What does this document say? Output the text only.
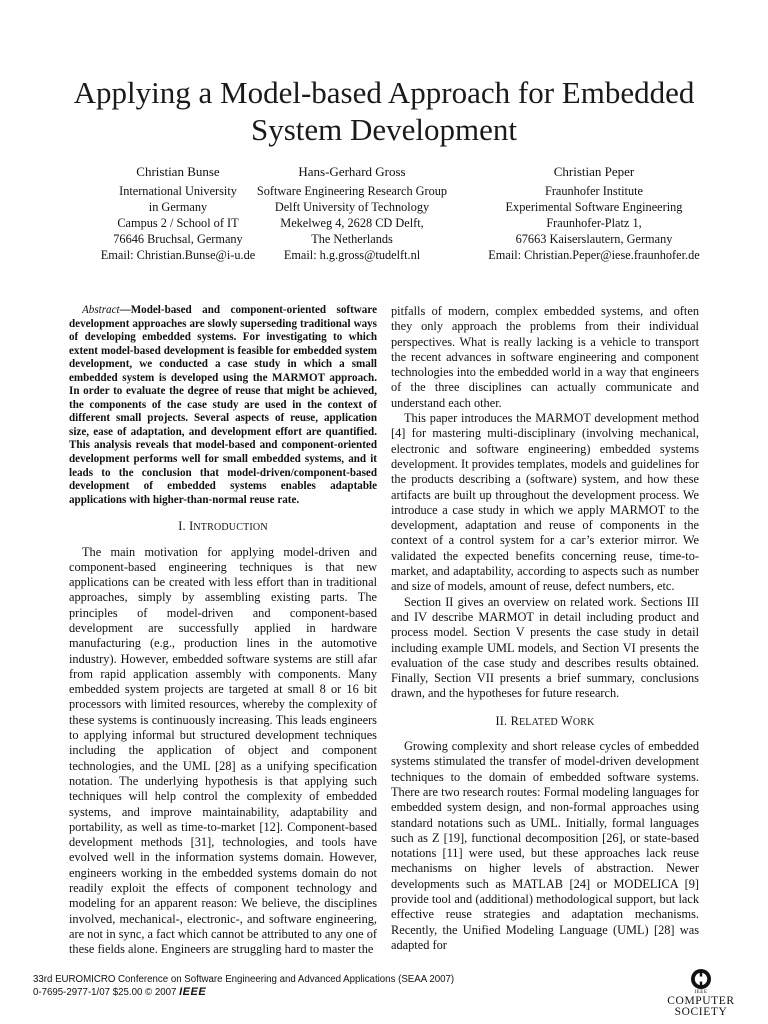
Applying a Model-based Approach for Embedded
System Development
Christian Bunse
International University
in Germany
Campus 2 / School of IT
76646 Bruchsal, Germany
Email: Christian.Bunse@i-u.de
Hans-Gerhard Gross
Software Engineering Research Group
Delft University of Technology
Mekelweg 4, 2628 CD Delft,
The Netherlands
Email: h.g.gross@tudelft.nl
Christian Peper
Fraunhofer Institute
Experimental Software Engineering
Fraunhofer-Platz 1,
67663 Kaiserslautern, Germany
Email: Christian.Peper@iese.fraunhofer.de

Abstract—Model-based and component-oriented software development approaches are slowly superseding traditional ways of developing embedded systems. For investigating to which extent model-based development is feasible for embedded system development, we conducted a case study in which a small embedded system is developed using the MARMOT approach. In order to evaluate the degree of reuse that might be achieved, the components of the case study are used in the context of different small projects. Several aspects of reuse, application size, ease of adaptation, and development effort are quantified. This analysis reveals that model-based and component-oriented development performs well for small embedded systems, and it leads to the conclusion that model-driven/component-based development of embedded systems enables adaptable applications with higher-than-normal reuse rate.

I. INTRODUCTION

The main motivation for applying model-driven and component-based engineering techniques is that new applications can be created with less effort than in traditional approaches, simply by assembling existing parts. The principles of model-driven and component-based development are successfully applied in hardware manufacturing (e.g., production lines in the automotive industry). However, embedded software systems are still afar from rapid application assembly with components. Many embedded system projects are targeted at small 8 or 16 bit processors with limited resources, whereby the complexity of these systems is continuously increasing. This leads engineers to applying informal but structured development techniques including the application of object and component technologies, and the UML [28] as a unifying specification notation. The underlying hypothesis is that applying such techniques will help control the complexity of embedded systems, and improve maintainability, adaptability and portability, as well as time-to-market [12]. Component-based development methods [31], technologies, and tools have evolved well in the information systems domain. However, engineers working in the embedded systems domain do not readily exploit the effects of component technology and modeling for an apparent reason: We believe, the disciplines involved, mechanical-, electronic-, and software engineering, are not in sync, a fact which cannot be attributed to any one of these fields alone. Engineers are struggling hard to master the

pitfalls of modern, complex embedded systems, and often they only approach the problems from their individual perspectives. What is really lacking is a vehicle to transport the recent advances in software engineering and component technologies into the embedded world in a way that engineers of the three disciplines can actually communicate and understand each other.

This paper introduces the MARMOT development method [4] for mastering multi-disciplinary (involving mechanical, electronic and software engineering) embedded systems development. It provides templates, models and guidelines for the products describing a (software) system, and how these artifacts are built up throughout the development process. We introduce a case study in which we apply MARMOT to the development, adaptation and reuse of components in the context of a control system for a car’s exterior mirror. We validated the expected benefits concerning reuse, time-to-market, and adaptability, according to aspects such as number and size of models, amount of reuse, defect numbers, etc.

Section II gives an overview on related work. Sections III and IV describe MARMOT in detail including product and process model. Section V presents the case study in detail including example UML models, and Section VI presents the evaluation of the case study and describes results obtained. Finally, Section VII presents a brief summary, conclusions drawn, and the hypotheses for future research.

II. RELATED WORK

Growing complexity and short release cycles of embedded systems stimulated the transfer of model-driven development techniques to the domain of embedded software systems. There are two research routes: Formal modeling languages for embedded system design, and non-formal approaches using standard notations such as UML. Initially, formal languages such as Z [19], functional decomposition [26], or state-based notations [11] were used, but these approaches lack reuse mechanisms on higher levels of abstraction. Newer developments such as MATLAB [24] or MODELICA [9] provide tool and (additional) methodological support, but lack effective reuse strategies and adaptation mechanisms. Recently, the Unified Modeling Language (UML) [28] was adapted for

33rd EUROMICRO Conference on Software Engineering and Advanced Applications (SEAA 2007)
0-7695-2977-1/07 $25.00 © 2007 IEEE	IEEE
COMPUTER
SOCIETY
